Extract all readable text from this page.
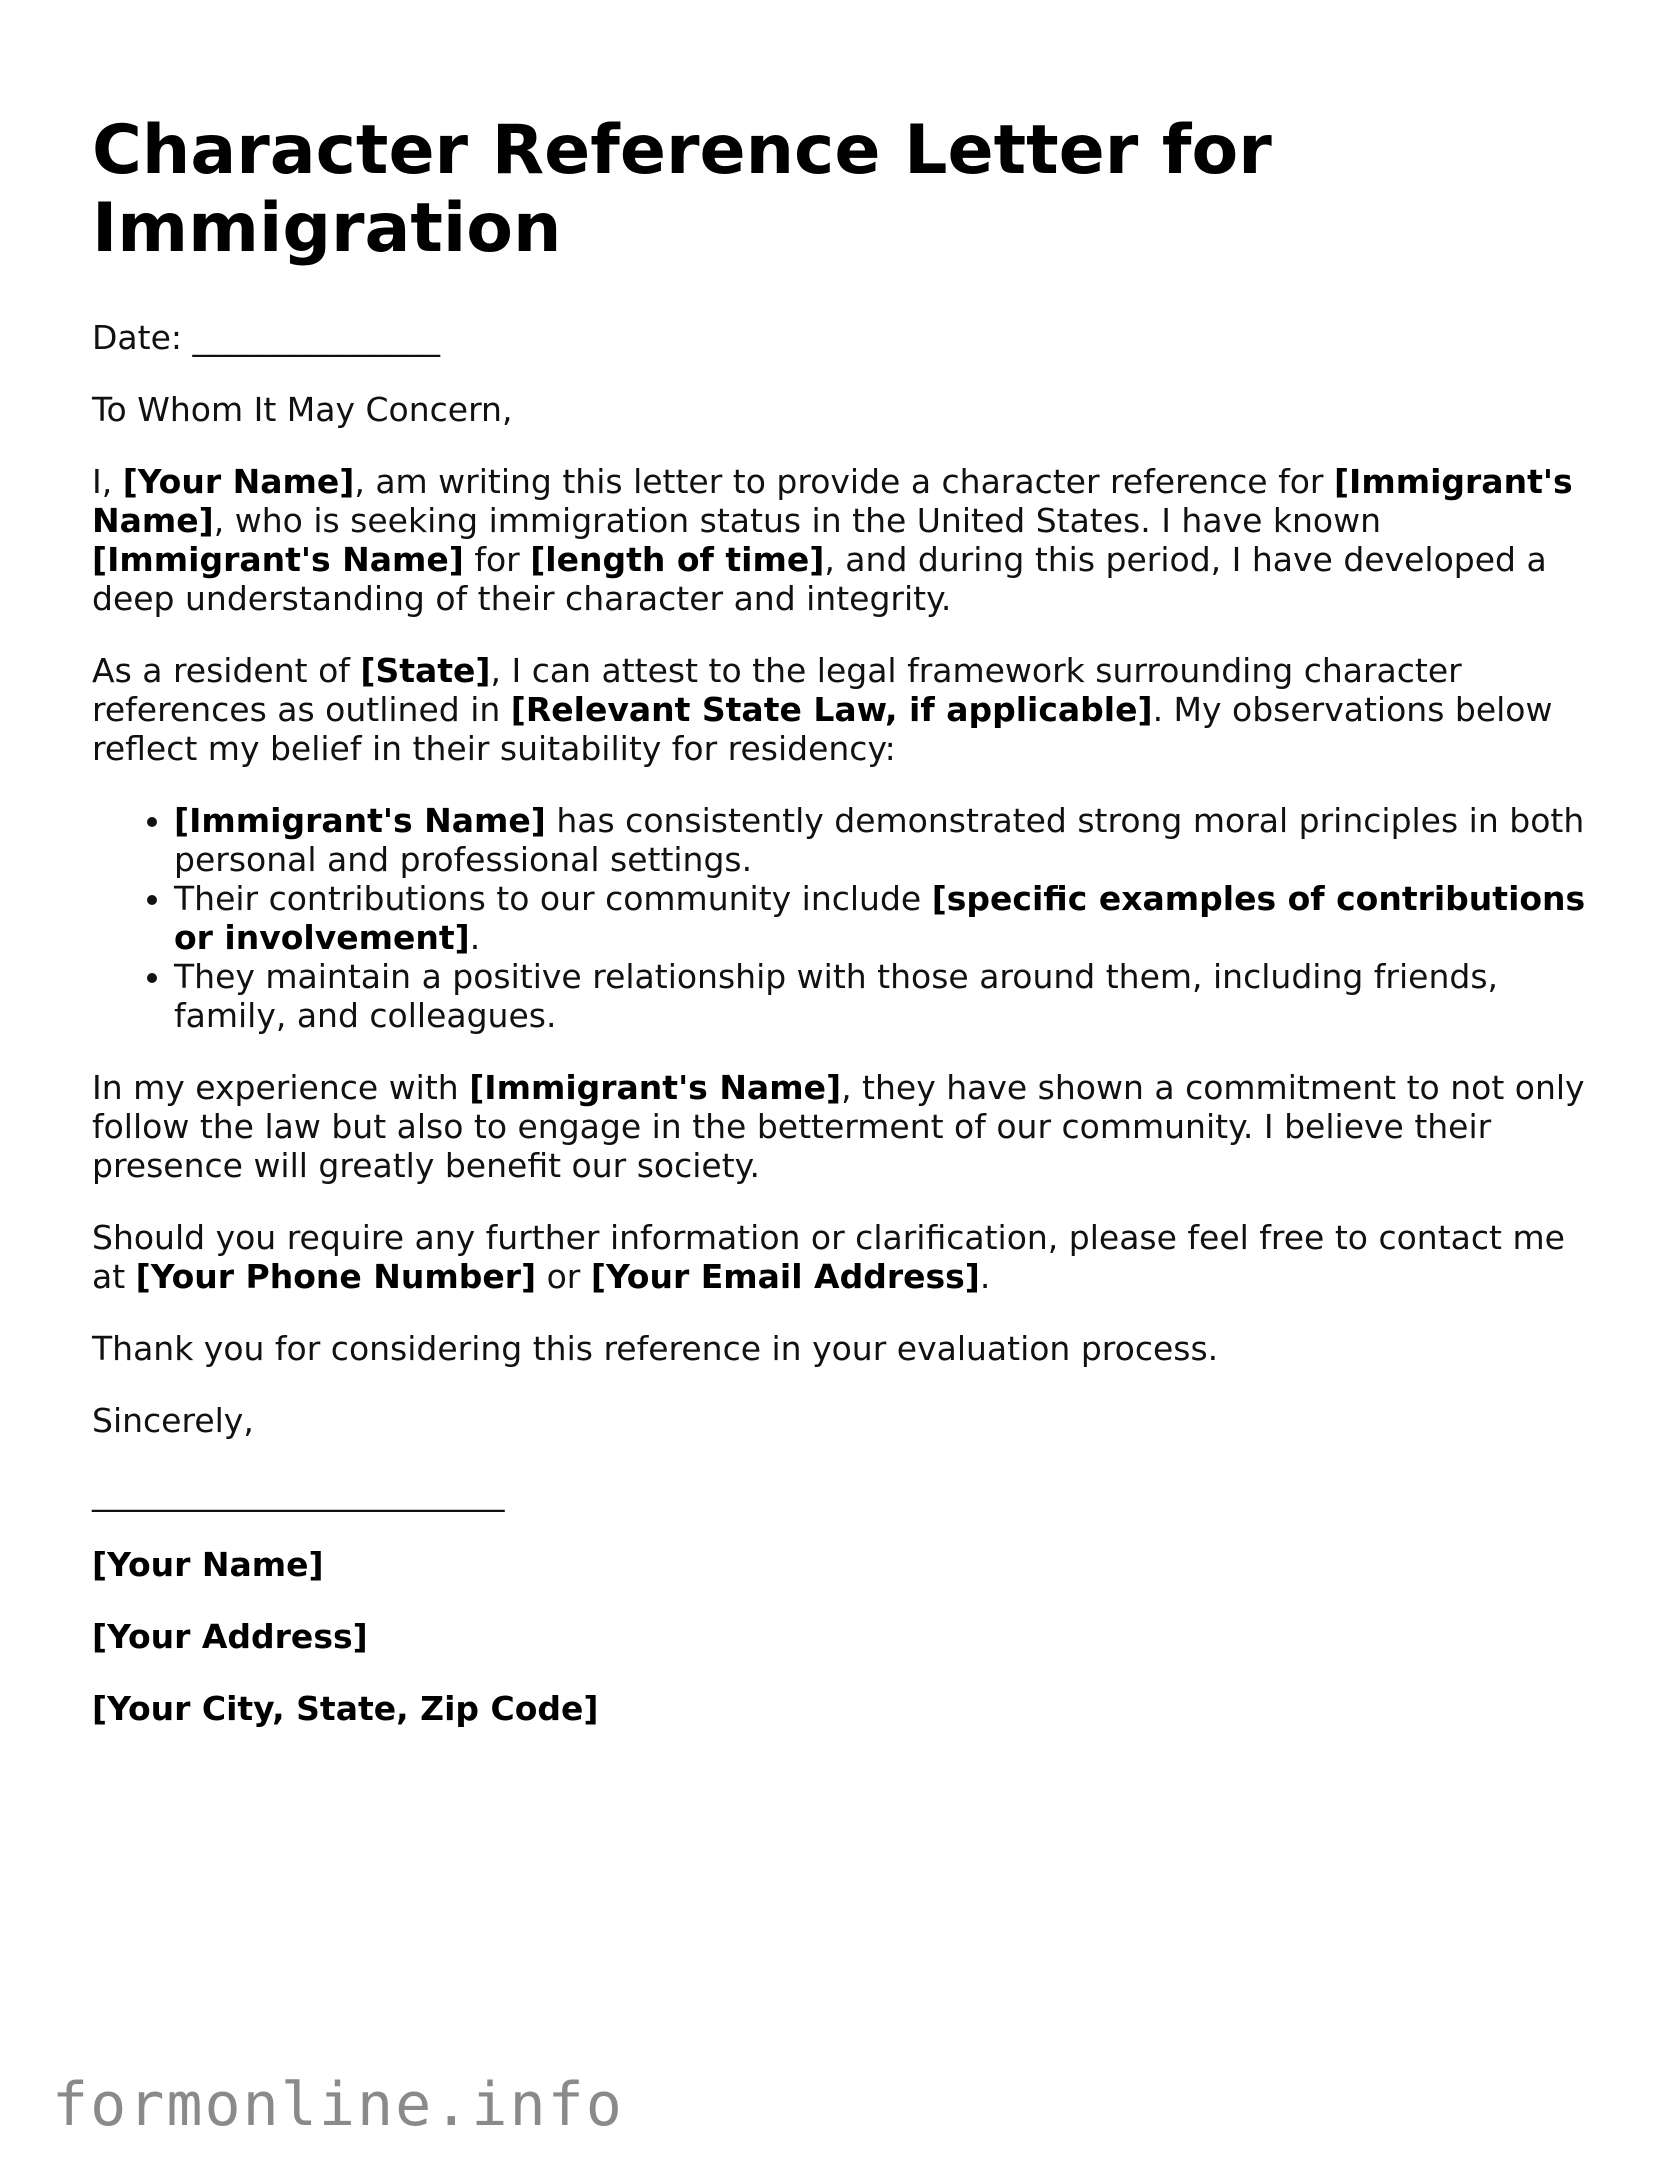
Character Reference Letter for Immigration

Date: _______________

To Whom It May Concern,

I, [Your Name], am writing this letter to provide a character reference for [Immigrant's Name], who is seeking immigration status in the United States. I have known [Immigrant's Name] for [length of time], and during this period, I have developed a deep understanding of their character and integrity.

As a resident of [State], I can attest to the legal framework surrounding character references as outlined in [Relevant State Law, if applicable]. My observations below reflect my belief in their suitability for residency:

• [Immigrant's Name] has consistently demonstrated strong moral principles in both personal and professional settings.
• Their contributions to our community include [specific examples of contributions or involvement].
• They maintain a positive relationship with those around them, including friends, family, and colleagues.

In my experience with [Immigrant's Name], they have shown a commitment to not only follow the law but also to engage in the betterment of our community. I believe their presence will greatly benefit our society.

Should you require any further information or clarification, please feel free to contact me at [Your Phone Number] or [Your Email Address].

Thank you for considering this reference in your evaluation process.

Sincerely,

_________________________

[Your Name]

[Your Address]

[Your City, State, Zip Code]

formonline.info
